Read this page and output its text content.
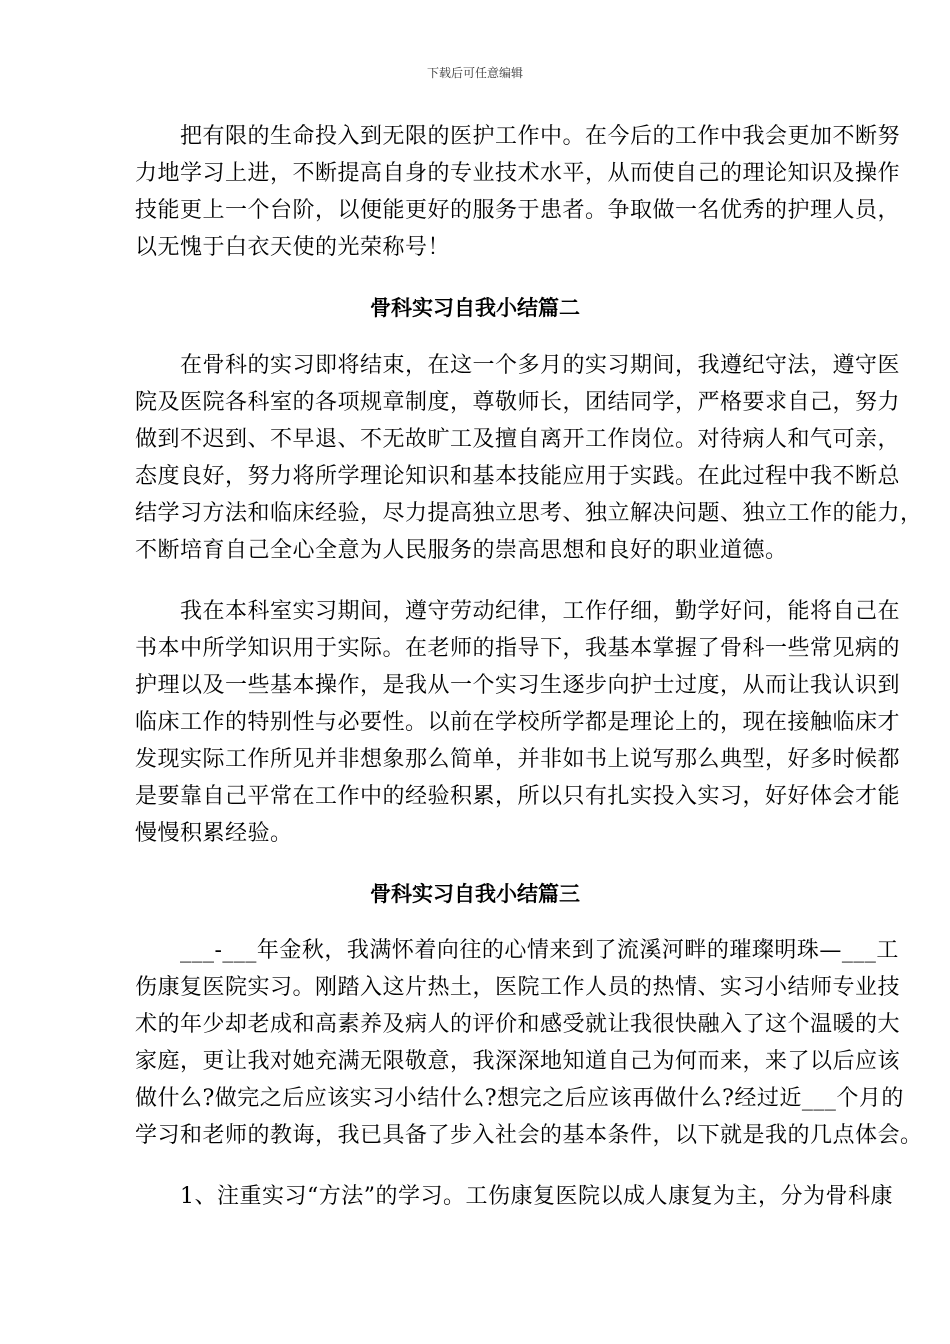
下载后可任意编辑
　　把有限的生命投入到无限的医护工作中。在今后的工作中我会更加不断努
力地学习上进，不断提高自身的专业技术水平，从而使自己的理论知识及操作
技能更上一个台阶，以便能更好的服务于患者。争取做一名优秀的护理人员，
以无愧于白衣天使的光荣称号！
骨科实习自我小结篇二
　　在骨科的实习即将结束，在这一个多月的实习期间，我遵纪守法，遵守医
院及医院各科室的各项规章制度，尊敬师长，团结同学，严格要求自己，努力
做到不迟到、不早退、不无故旷工及擅自离开工作岗位。对待病人和气可亲，
态度良好，努力将所学理论知识和基本技能应用于实践。在此过程中我不断总
结学习方法和临床经验，尽力提高独立思考、独立解决问题、独立工作的能力，
不断培育自己全心全意为人民服务的崇高思想和良好的职业道德。
　　我在本科室实习期间，遵守劳动纪律，工作仔细，勤学好问，能将自己在
书本中所学知识用于实际。在老师的指导下，我基本掌握了骨科一些常见病的
护理以及一些基本操作，是我从一个实习生逐步向护士过度，从而让我认识到
临床工作的特别性与必要性。以前在学校所学都是理论上的，现在接触临床才
发现实际工作所见并非想象那么简单，并非如书上说写那么典型，好多时候都
是要靠自己平常在工作中的经验积累，所以只有扎实投入实习，好好体会才能
慢慢积累经验。
骨科实习自我小结篇三
　　___-___年金秋，我满怀着向往的心情来到了流溪河畔的璀璨明珠—___工
伤康复医院实习。刚踏入这片热土，医院工作人员的热情、实习小结师专业技
术的年少却老成和高素养及病人的评价和感受就让我很快融入了这个温暖的大
家庭，更让我对她充满无限敬意，我深深地知道自己为何而来，来了以后应该
做什么?做完之后应该实习小结什么?想完之后应该再做什么?经过近___个月的
学习和老师的教诲，我已具备了步入社会的基本条件，以下就是我的几点体会。
　　1、注重实习“方法”的学习。工伤康复医院以成人康复为主，分为骨科康
